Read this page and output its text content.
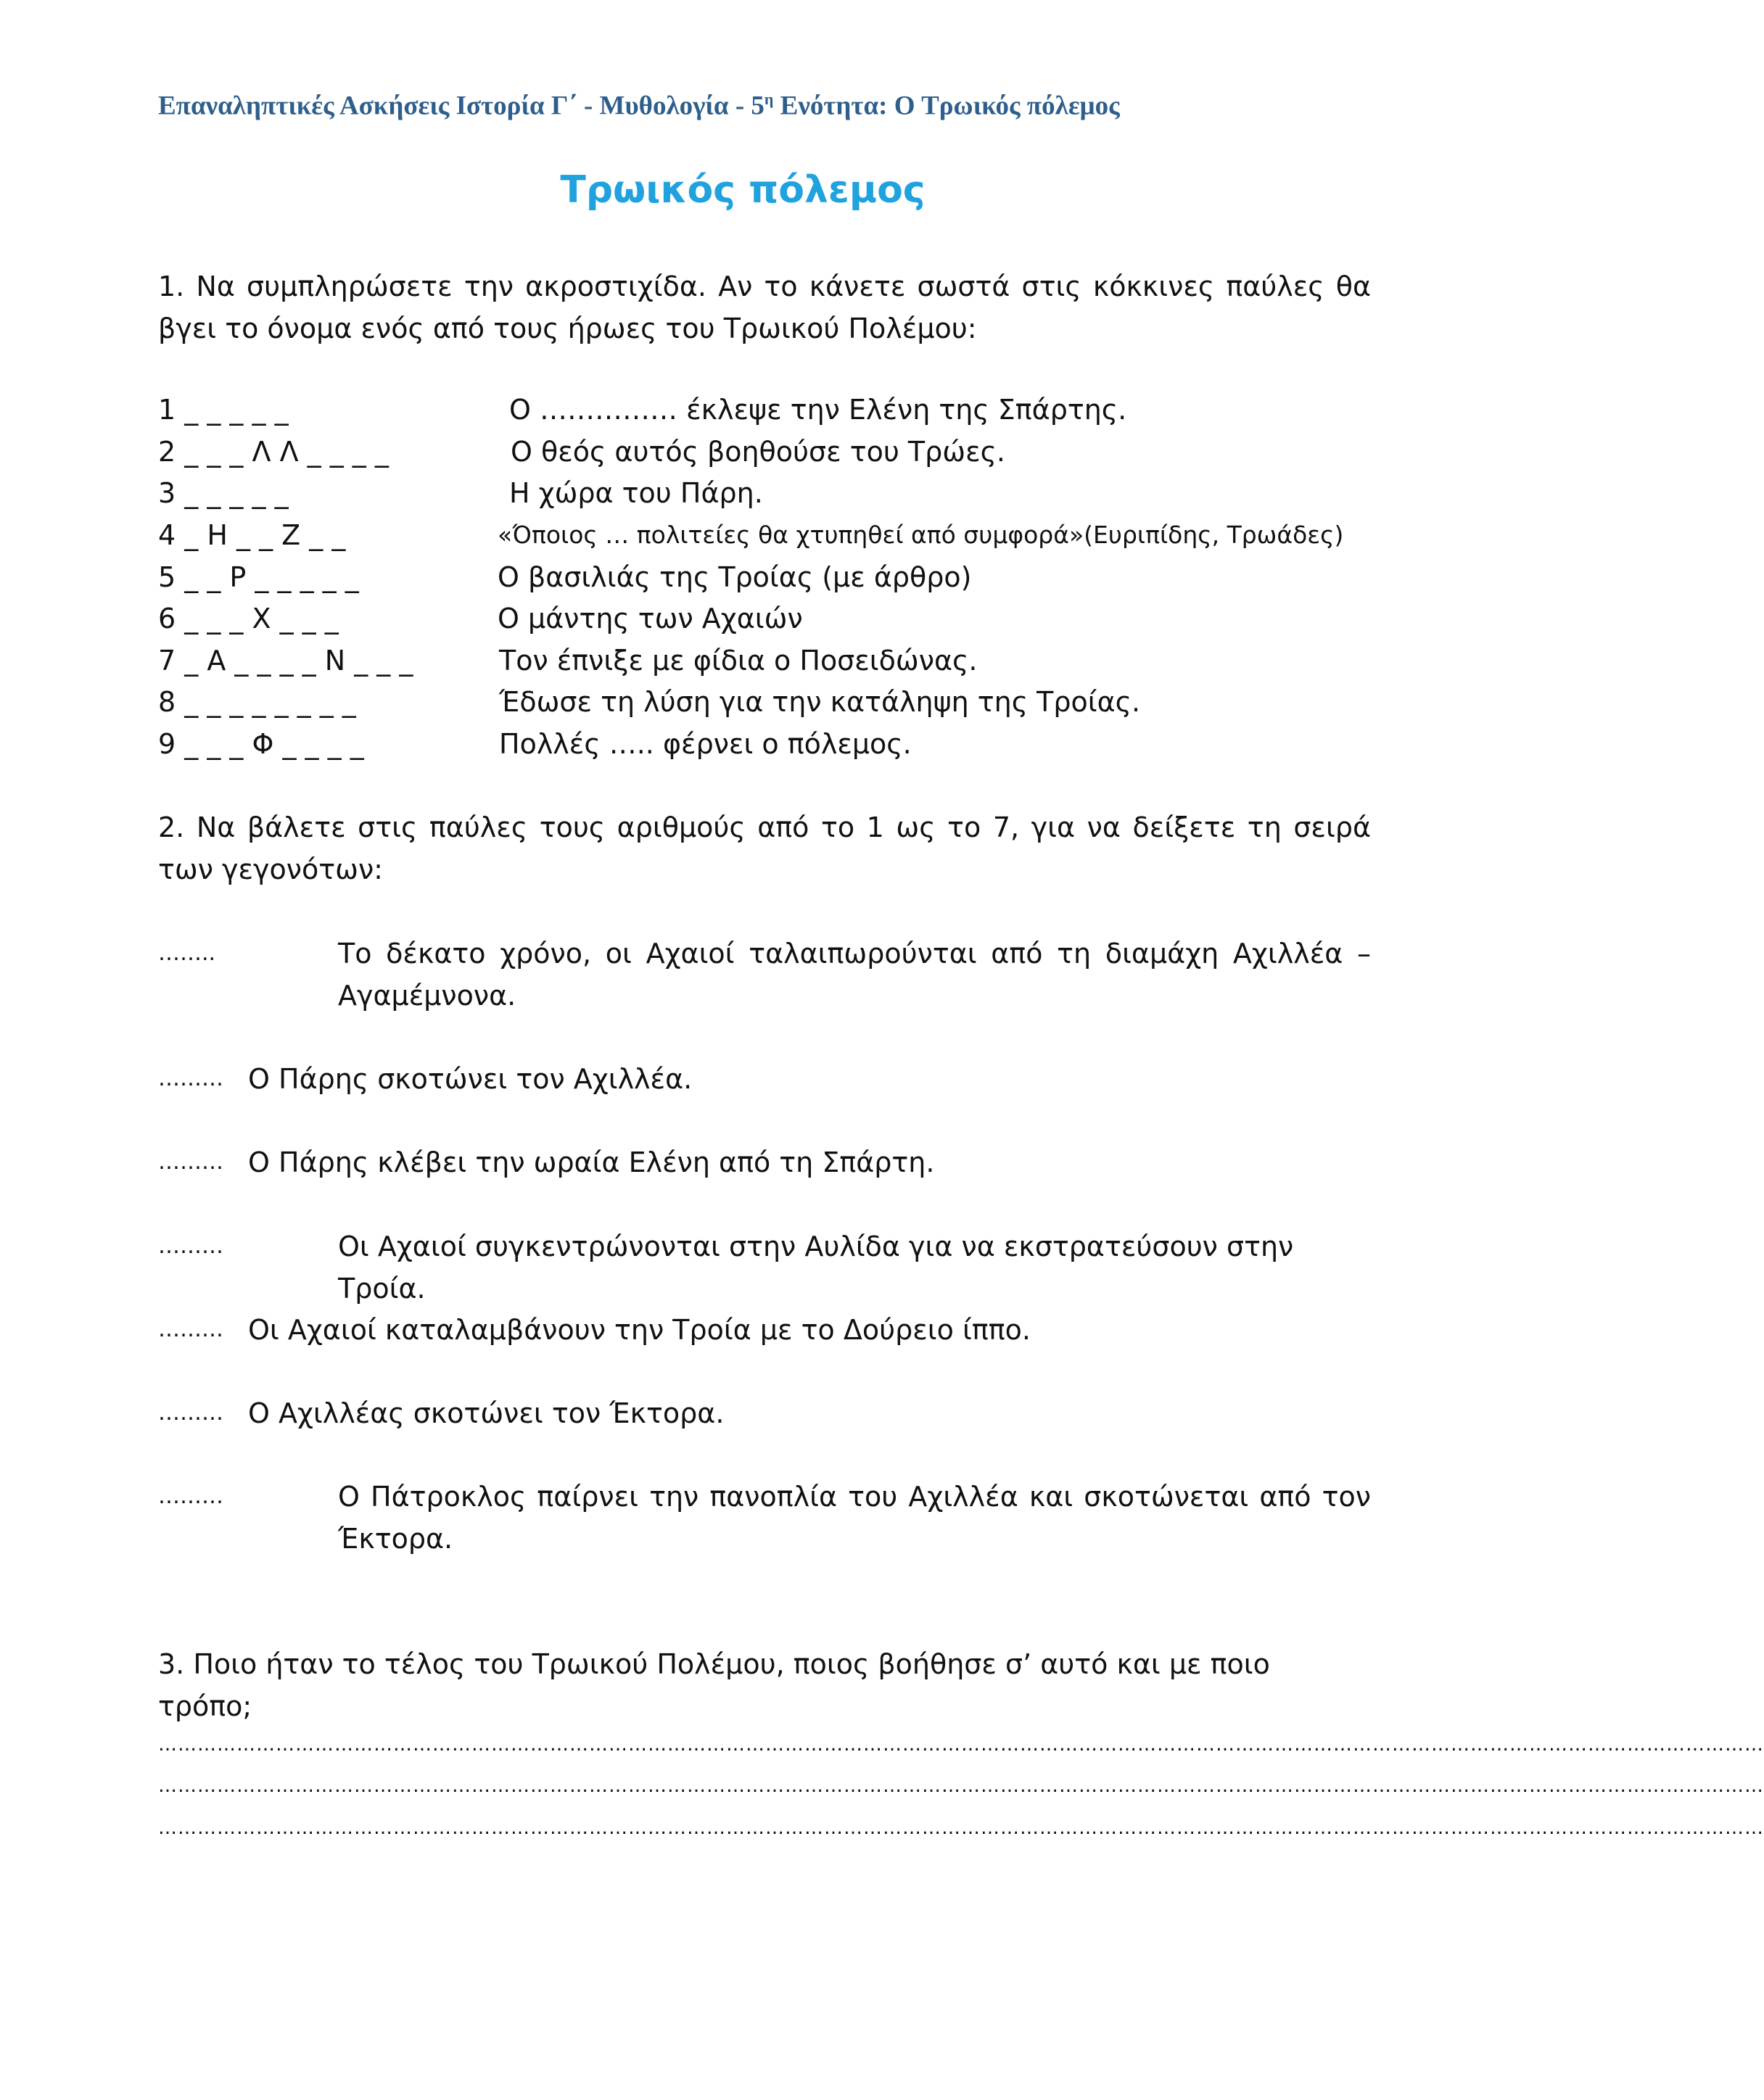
Επαναληπτικές Ασκήσεις Ιστορία Γ΄ - Μυθολογία - $5^\eta$ Ενότητα: Ο Τρωικός πόλεμος
Τρωικός πόλεμος
1. Να συμπληρώσετε την ακροστιχίδα. Αν το κάνετε σωστά στις κόκκινες παύλες θα βγει το όνομα ενός από τους ήρωες του Τρωικού Πολέμου:
1 _ _ _ _ _	Ο …………… έκλεψε την Ελένη της Σπάρτης.
2 _ _ _ Λ Λ _ _ _ _	Ο θεός αυτός βοηθούσε του Τρώες.
3 _ _ _ _ _	Η χώρα του Πάρη.
4 _ Η _ _ Ζ _ _	«Όποιος … πολιτείες θα χτυπηθεί από συμφορά»(Ευριπίδης, Τρωάδες)
5 _ _ Ρ _ _ _ _ _	Ο βασιλιάς της Τροίας (με άρθρο)
6 _ _ _ Χ _ _ _	Ο μάντης των Αχαιών
7 _ Α _ _ _ _ Ν _ _ _	Τον έπνιξε με φίδια ο Ποσειδώνας.
8 _ _ _ _ _ _ _ _	Έδωσε τη λύση για την κατάληψη της Τροίας.
9 _ _ _ Φ _ _ _ _	Πολλές ….. φέρνει ο πόλεμος.
2. Να βάλετε στις παύλες τους αριθμούς από το 1 ως το 7, για να δείξετε τη σειρά των γεγονότων:
……..	Το δέκατο χρόνο, οι Αχαιοί ταλαιπωρούνται από τη διαμάχη Αχιλλέα – Αγαμέμνονα.
……… Ο Πάρης σκοτώνει τον Αχιλλέα.
……… Ο Πάρης κλέβει την ωραία Ελένη από τη Σπάρτη.
………	Οι Αχαιοί συγκεντρώνονται στην Αυλίδα για να εκστρατεύσουν στην Τροία.
……… Οι Αχαιοί καταλαμβάνουν την Τροία με το Δούρειο ίππο.
……… Ο Αχιλλέας σκοτώνει τον Έκτορα.
………	Ο Πάτροκλος παίρνει την πανοπλία του Αχιλλέα και σκοτώνεται από τον Έκτορα.
3. Ποιο ήταν το τέλος του Τρωικού Πολέμου, ποιος βοήθησε σ’ αυτό και με ποιο τρόπο;
…………………………………………………………………………………………………………………………………………………………………………………………………………………………
…………………………………………………………………………………………………………………………………………………………………………………………………………………………
…………………………………………………………………………………………………………………………………………………………………………………………………………………………
